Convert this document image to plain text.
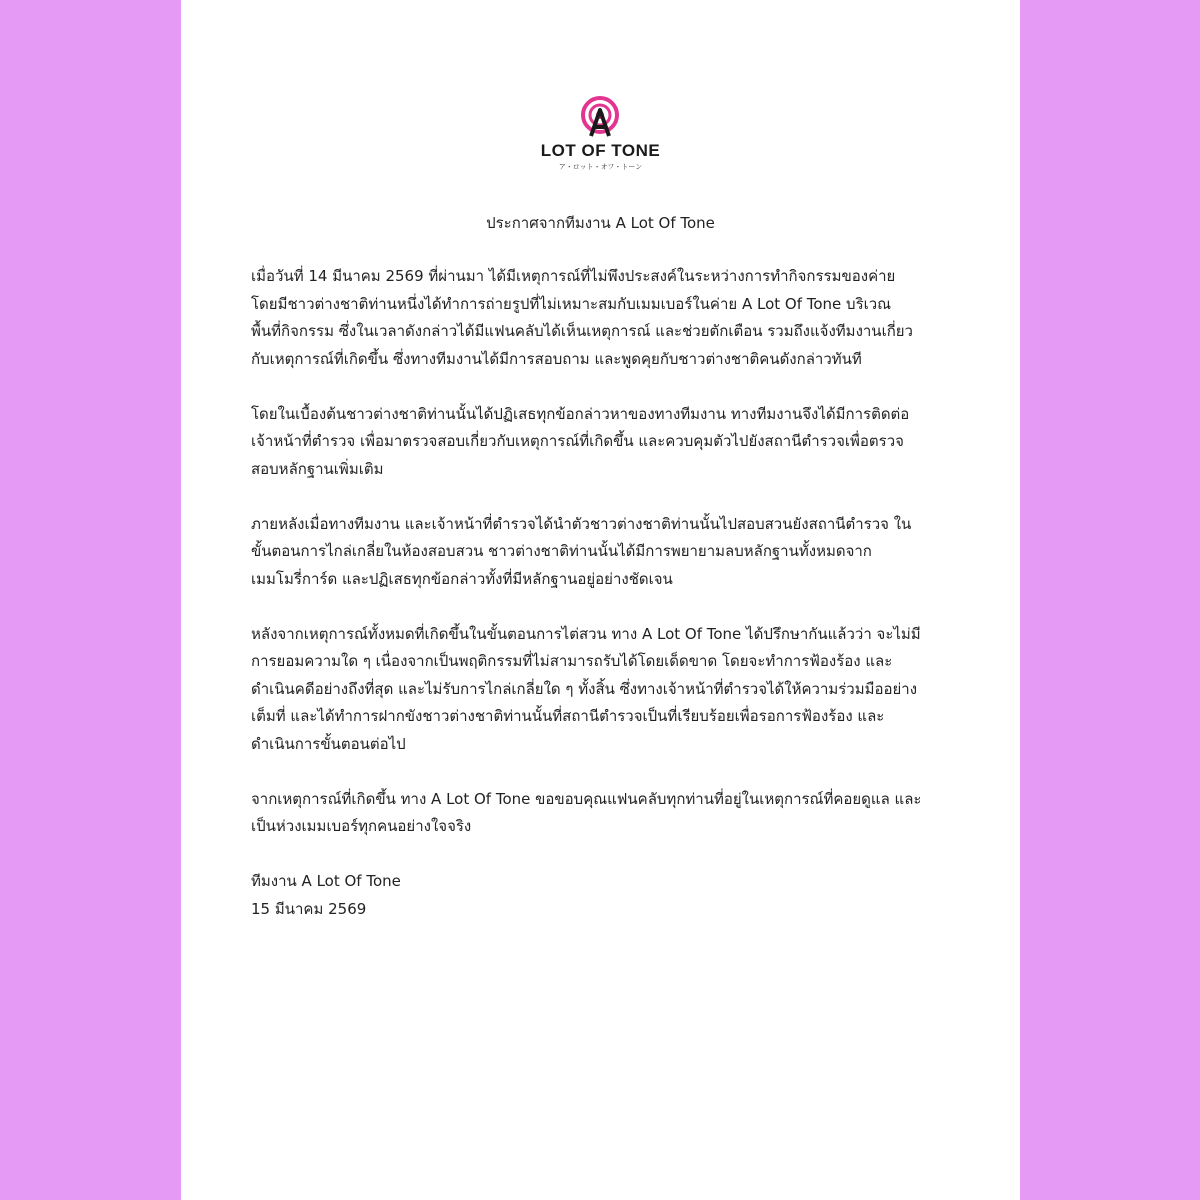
LOT OF TONE
ア・ロット・オフ・トーン
ประกาศจากทีมงาน A Lot Of Tone
เมื่อวันที่ 14 มีนาคม 2569 ที่ผ่านมา ได้มีเหตุการณ์ที่ไม่พึงประสงค์ในระหว่างการทำกิจกรรมของค่าย
โดยมีชาวต่างชาติท่านหนึ่งได้ทำการถ่ายรูปที่ไม่เหมาะสมกับเมมเบอร์ในค่าย A Lot Of Tone บริเวณ
พื้นที่กิจกรรม ซึ่งในเวลาดังกล่าวได้มีแฟนคลับได้เห็นเหตุการณ์ และช่วยตักเตือน รวมถึงแจ้งทีมงานเกี่ยว
กับเหตุการณ์ที่เกิดขึ้น ซึ่งทางทีมงานได้มีการสอบถาม และพูดคุยกับชาวต่างชาติคนดังกล่าวทันที
โดยในเบื้องต้นชาวต่างชาติท่านนั้นได้ปฏิเสธทุกข้อกล่าวหาของทางทีมงาน ทางทีมงานจึงได้มีการติดต่อ
เจ้าหน้าที่ตำรวจ เพื่อมาตรวจสอบเกี่ยวกับเหตุการณ์ที่เกิดขึ้น และควบคุมตัวไปยังสถานีตำรวจเพื่อตรวจ
สอบหลักฐานเพิ่มเติม
ภายหลังเมื่อทางทีมงาน และเจ้าหน้าที่ตำรวจได้นำตัวชาวต่างชาติท่านนั้นไปสอบสวนยังสถานีตำรวจ ใน
ขั้นตอนการไกล่เกลี่ยในห้องสอบสวน ชาวต่างชาติท่านนั้นได้มีการพยายามลบหลักฐานทั้งหมดจาก
เมมโมรี่การ์ด และปฏิเสธทุกข้อกล่าวทั้งที่มีหลักฐานอยู่อย่างชัดเจน
หลังจากเหตุการณ์ทั้งหมดที่เกิดขึ้นในขั้นตอนการไต่สวน ทาง A Lot Of Tone ได้ปรึกษากันแล้วว่า จะไม่มี
การยอมความใด ๆ เนื่องจากเป็นพฤติกรรมที่ไม่สามารถรับได้โดยเด็ดขาด โดยจะทำการฟ้องร้อง และ
ดำเนินคดีอย่างถึงที่สุด และไม่รับการไกล่เกลี่ยใด ๆ ทั้งสิ้น ซึ่งทางเจ้าหน้าที่ตำรวจได้ให้ความร่วมมืออย่าง
เต็มที่ และได้ทำการฝากขังชาวต่างชาติท่านนั้นที่สถานีตำรวจเป็นที่เรียบร้อยเพื่อรอการฟ้องร้อง และ
ดำเนินการขั้นตอนต่อไป
จากเหตุการณ์ที่เกิดขึ้น ทาง A Lot Of Tone ขอขอบคุณแฟนคลับทุกท่านที่อยู่ในเหตุการณ์ที่คอยดูแล และ
เป็นห่วงเมมเบอร์ทุกคนอย่างใจจริง
ทีมงาน A Lot Of Tone
15 มีนาคม 2569
